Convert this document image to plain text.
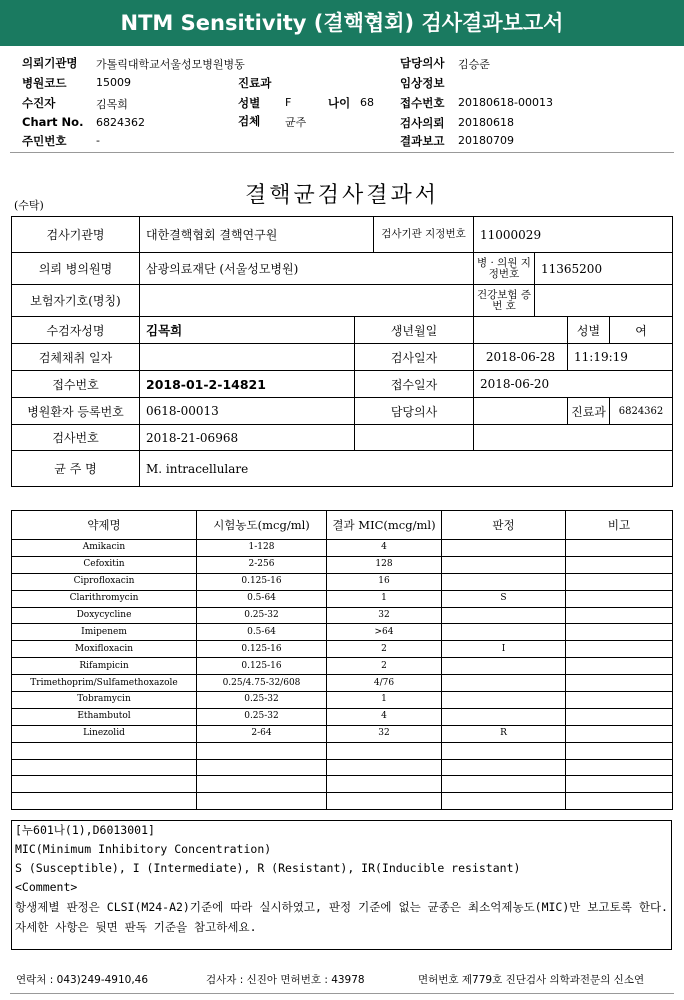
NTM Sensitivity (결핵협회) 검사결과보고서
의뢰기관명 가톨릭대학교서울성모병원병동
병원코드	15009
수진자	김목희
Chart No. 6824362
주민번호	-
진료과
성별 F	나이 68
검체 균주
담당의사 김승준
임상정보
접수번호 20180618-00013
검사의뢰 20180618
결과보고 20180709
결핵균검사결과서
(수탁)
검사기관명	대한결핵협회 결핵연구원		검사기관 지정번호	11000029			
의뢰 병의원명	삼광의료재단 (서울성모병원)			병 · 의원 지정번호	11365200		
보험자기호(명칭)				건강보험 증 번 호			
수검자성명	김목희	생년월일				성별	여
검체채취 일자		검사일자		2018-06-28		11:19:19	
접수번호	2018-01-2-14821	접수일자		2018-06-20			
병원환자 등록번호	0618-00013	담당의사				진료과	6824362
검사번호	2018-21-06968						
균 주 명	M. intracellulare						
약제명	시험농도(mcg/ml)	결과 MIC(mcg/ml)	판정	비고
Amikacin	1-128	4		
Cefoxitin	2-256	128		
Ciprofloxacin	0.125-16	16		
Clarithromycin	0.5-64	1	S	
Doxycycline	0.25-32	32		
Imipenem	0.5-64	>64		
Moxifloxacin	0.125-16	2	I	
Rifampicin	0.125-16	2		
Trimethoprim/Sulfamethoxazole	0.25/4.75-32/608	4/76		
Tobramycin	0.25-32	1		
Ethambutol	0.25-32	4		
Linezolid	2-64	32	R	

[누601나(1),D6013001]
MIC(Minimum Inhibitory Concentration)
S (Susceptible), I (Intermediate), R (Resistant), IR(Inducible resistant)
<Comment>
항생제별 판정은 CLSI(M24-A2)기준에 따라 실시하였고, 판정 기준에 없는 균종은 최소억제농도(MIC)만 보고토록 한다. 자세한 사항은 뒷면 판독 기준을 참고하세요.
연락처 : 043)249-4910,46	검사자 : 신진아 면허번호 : 43978	면허번호 제779호 진단검사 의학과전문의 신소연
